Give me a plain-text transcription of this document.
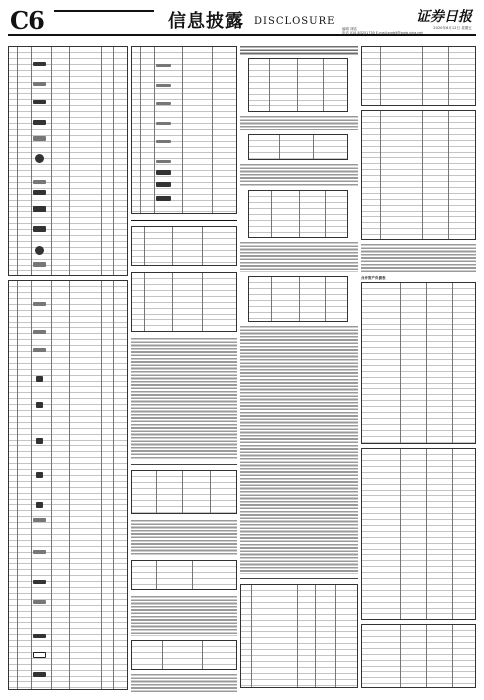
C6	信息披露 DISCLOSURE	证券日报
编辑 刘铭
电话 010-83251730 E-mail:zqrb9@zqrb.sina.net
2020年6月12日 星期五
合并资产负债表
